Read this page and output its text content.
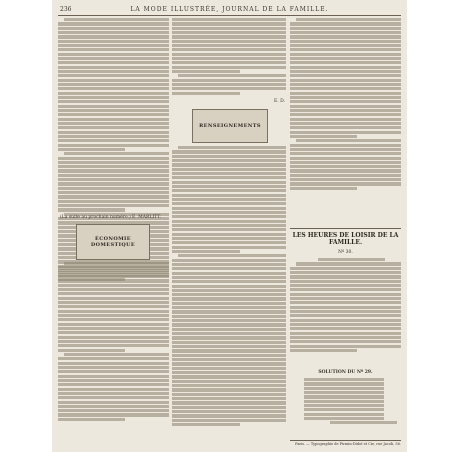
236	LA MODE ILLUSTRÉE, JOURNAL DE LA FAMILLE.
(La suite au prochain numéro.) E. MARLITT.
ÉCONOMIE DOMESTIQUE
E. D.
RENSEIGNEMENTS
LES HEURES DE LOISIR DE LA FAMILLE.
Nº 30.
SOLUTION DU Nº 29.
Paris. — Typographie de Firmin-Didot et Cie, rue Jacob, 56.
